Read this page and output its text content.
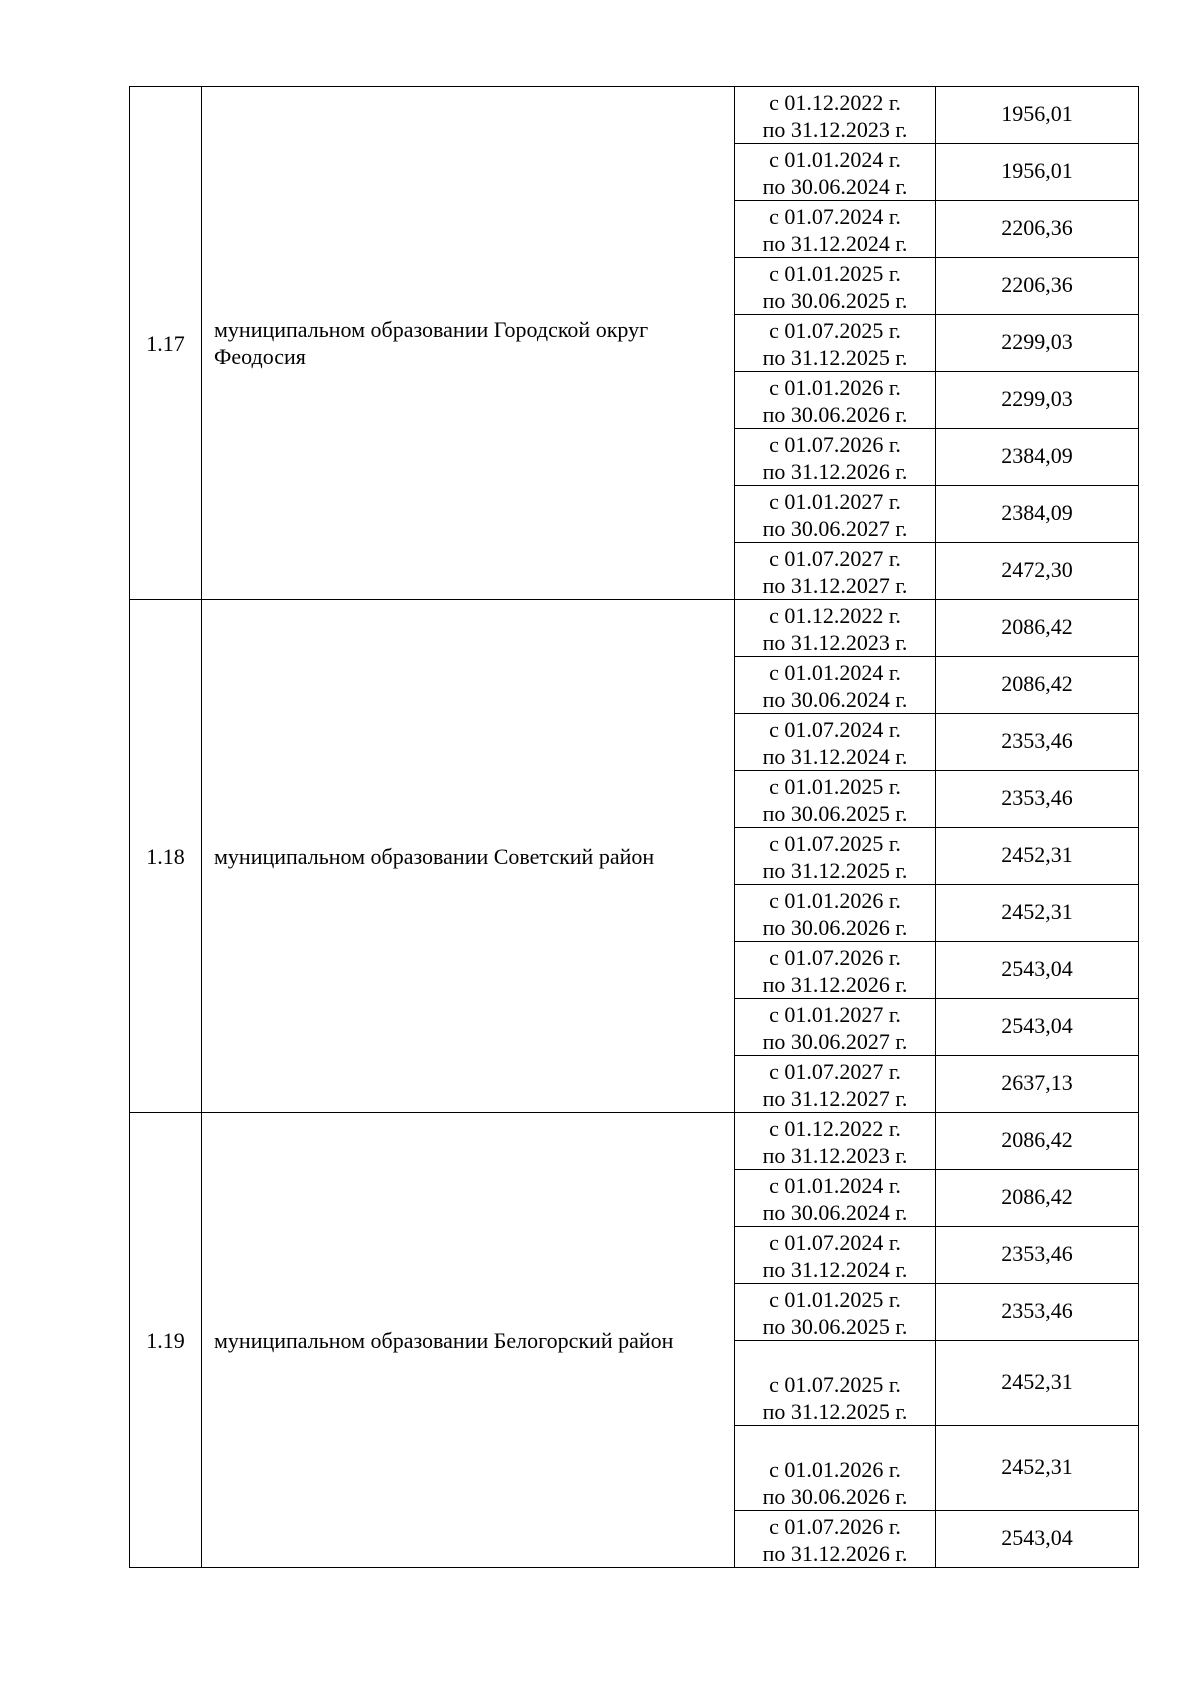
1.17	муниципальном образовании Городской округ Феодосия	с 01.12.2022 г.
по 31.12.2023 г.	1956,01

		с 01.01.2024 г.
по 30.06.2024 г.	1956,01

		с 01.07.2024 г.
по 31.12.2024 г.	2206,36

		с 01.01.2025 г.
по 30.06.2025 г.	2206,36

		с 01.07.2025 г.
по 31.12.2025 г.	2299,03

		с 01.01.2026 г.
по 30.06.2026 г.	2299,03

		с 01.07.2026 г.
по 31.12.2026 г.	2384,09

		с 01.01.2027 г.
по 30.06.2027 г.	2384,09

		с 01.07.2027 г.
по 31.12.2027 г.	2472,30
1.18	муниципальном образовании Советский район	с 01.12.2022 г.
по 31.12.2023 г.	2086,42

		с 01.01.2024 г.
по 30.06.2024 г.	2086,42

		с 01.07.2024 г.
по 31.12.2024 г.	2353,46

		с 01.01.2025 г.
по 30.06.2025 г.	2353,46

		с 01.07.2025 г.
по 31.12.2025 г.	2452,31

		с 01.01.2026 г.
по 30.06.2026 г.	2452,31

		с 01.07.2026 г.
по 31.12.2026 г.	2543,04

		с 01.01.2027 г.
по 30.06.2027 г.	2543,04

		с 01.07.2027 г.
по 31.12.2027 г.	2637,13
1.19	муниципальном образовании Белогорский район	с 01.12.2022 г.
по 31.12.2023 г.	2086,42

		с 01.01.2024 г.
по 30.06.2024 г.	2086,42

		с 01.07.2024 г.
по 31.12.2024 г.	2353,46

		с 01.01.2025 г.
по 30.06.2025 г.	2353,46

		с 01.07.2025 г.
по 31.12.2025 г.	2452,31

		с 01.01.2026 г.
по 30.06.2026 г.	2452,31

		с 01.07.2026 г.
по 31.12.2026 г.	2543,04
